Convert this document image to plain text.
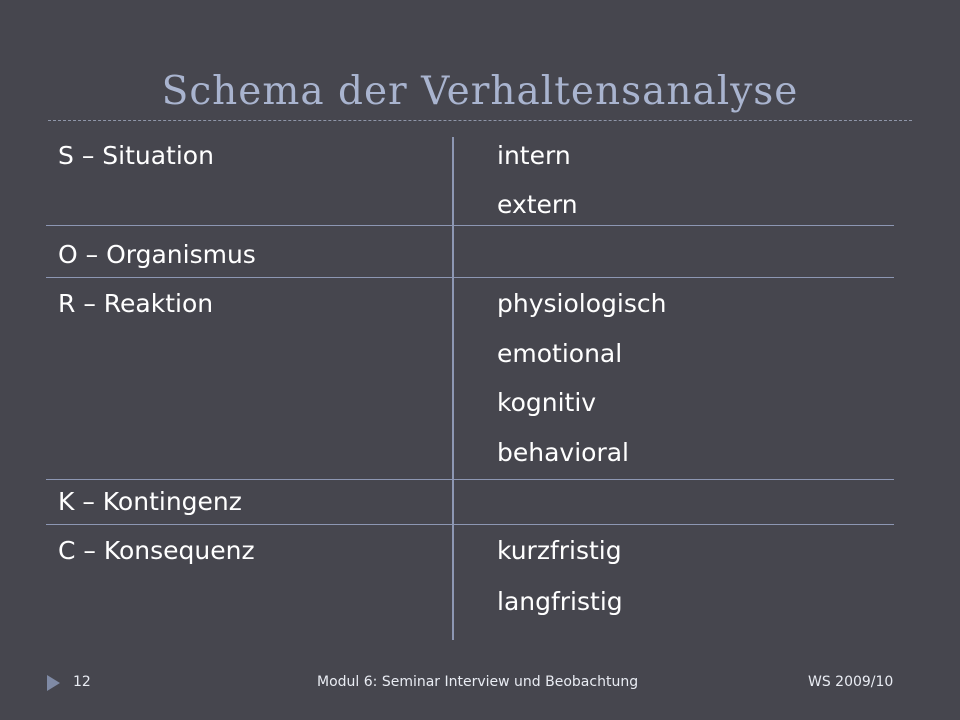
Schema der Verhaltensanalyse
S – Situation	intern
extern
O – Organismus
R – Reaktion	physiologisch
emotional
kognitiv
behavioral
K – Kontingenz
C – Konsequenz	kurzfristig
langfristig
12	Modul 6: Seminar Interview und Beobachtung	WS 2009/10
